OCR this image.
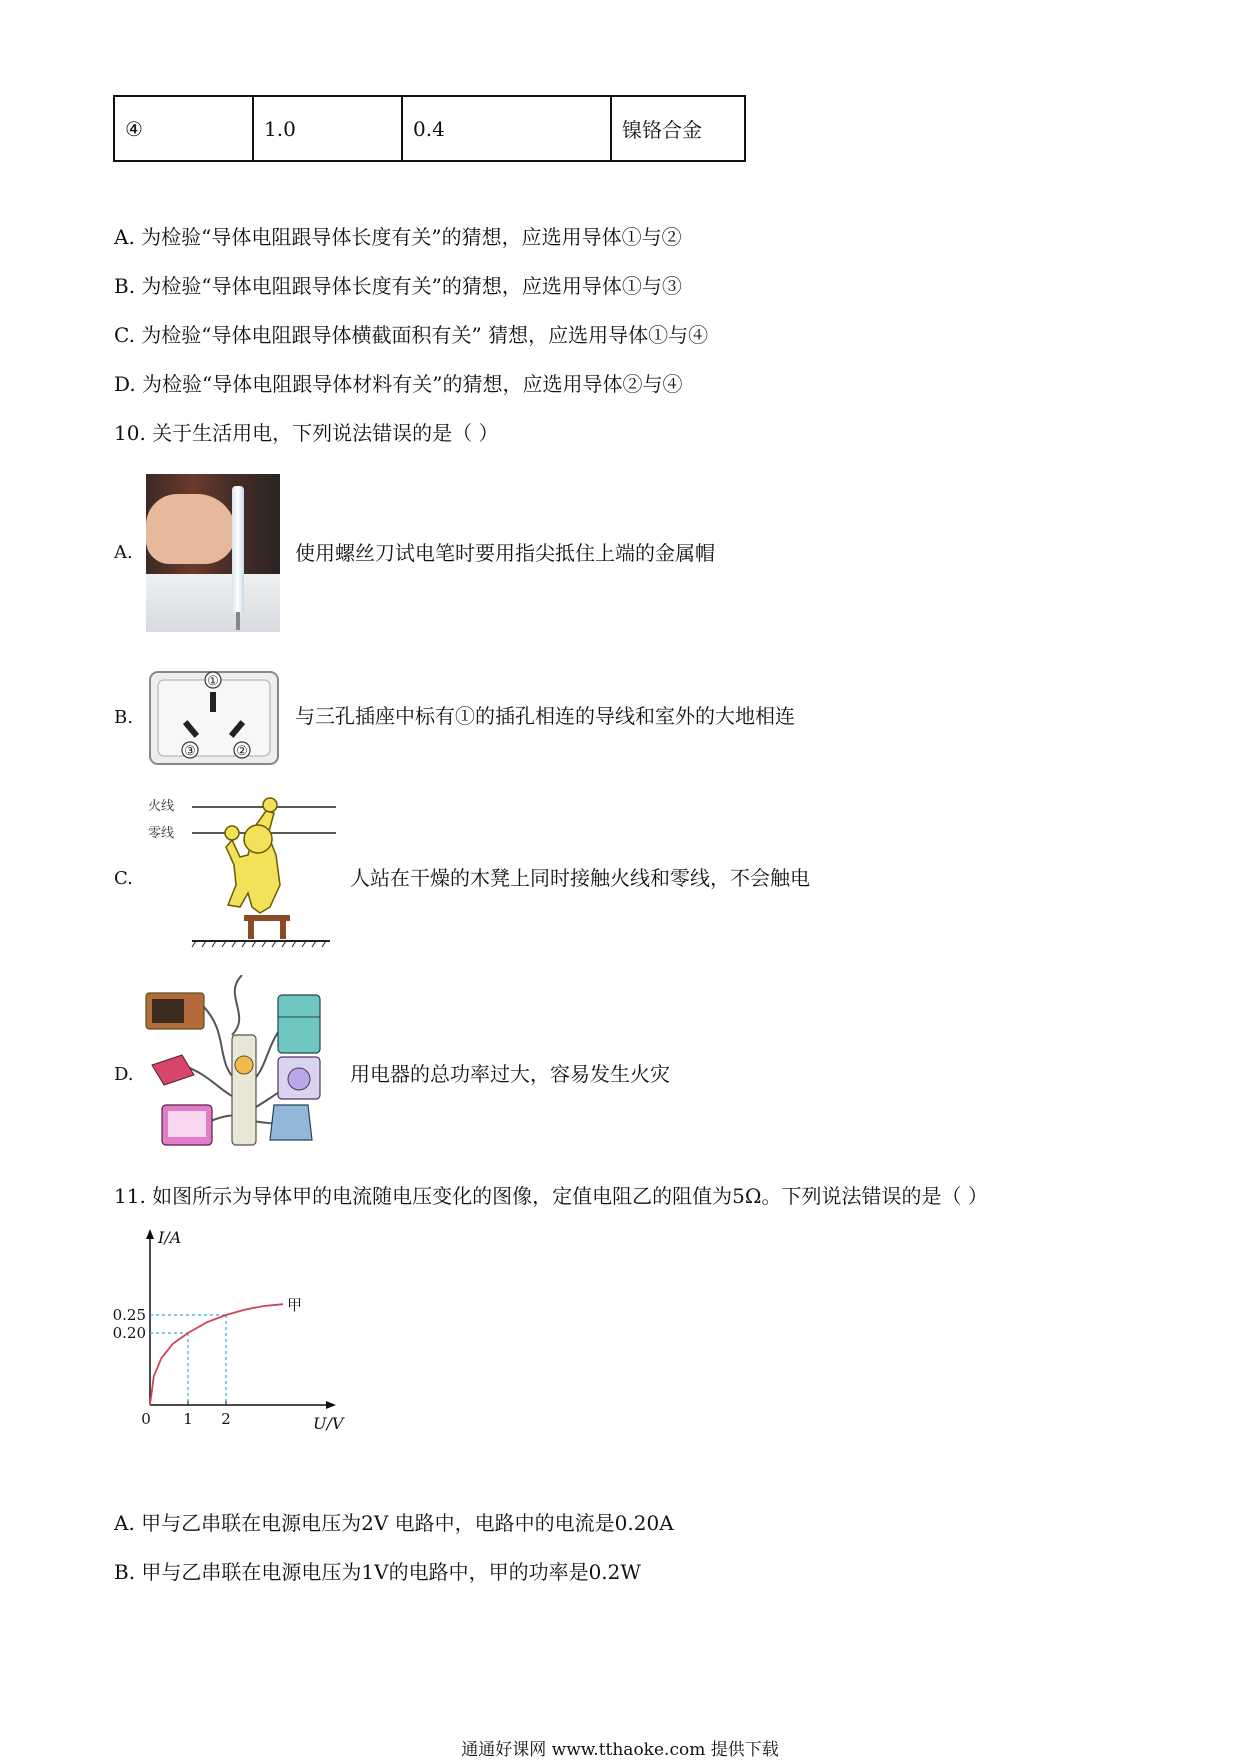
④	1.0	0.4	镍铬合金
A. 为检验“导体电阻跟导体长度有关”的猜想，应选用导体①与②
B. 为检验“导体电阻跟导体长度有关”的猜想，应选用导体①与③
C. 为检验“导体电阻跟导体横截面积有关” 猜想，应选用导体①与④
D. 为检验“导体电阻跟导体材料有关”的猜想，应选用导体②与④
10. 关于生活用电，下列说法错误的是（ ）
A.	使用螺丝刀试电笔时要用指尖抵住上端的金属帽
B.
①
③	②
与三孔插座中标有①的插孔相连的导线和室外的大地相连
C.
火线
零线
人站在干燥的木凳上同时接触火线和零线，不会触电
D.	用电器的总功率过大，容易发生火灾
11. 如图所示为导体甲的电流随电压变化的图像，定值电阻乙的阻值为5Ω。下列说法错误的是（ ）
I/A
U/V
0
甲
1 2
0.25
0.20
A. 甲与乙串联在电源电压为2V 电路中，电路中的电流是0.20A
B. 甲与乙串联在电源电压为1V的电路中，甲的功率是0.2W
通通好课网 www.tthaoke.com 提供下载
